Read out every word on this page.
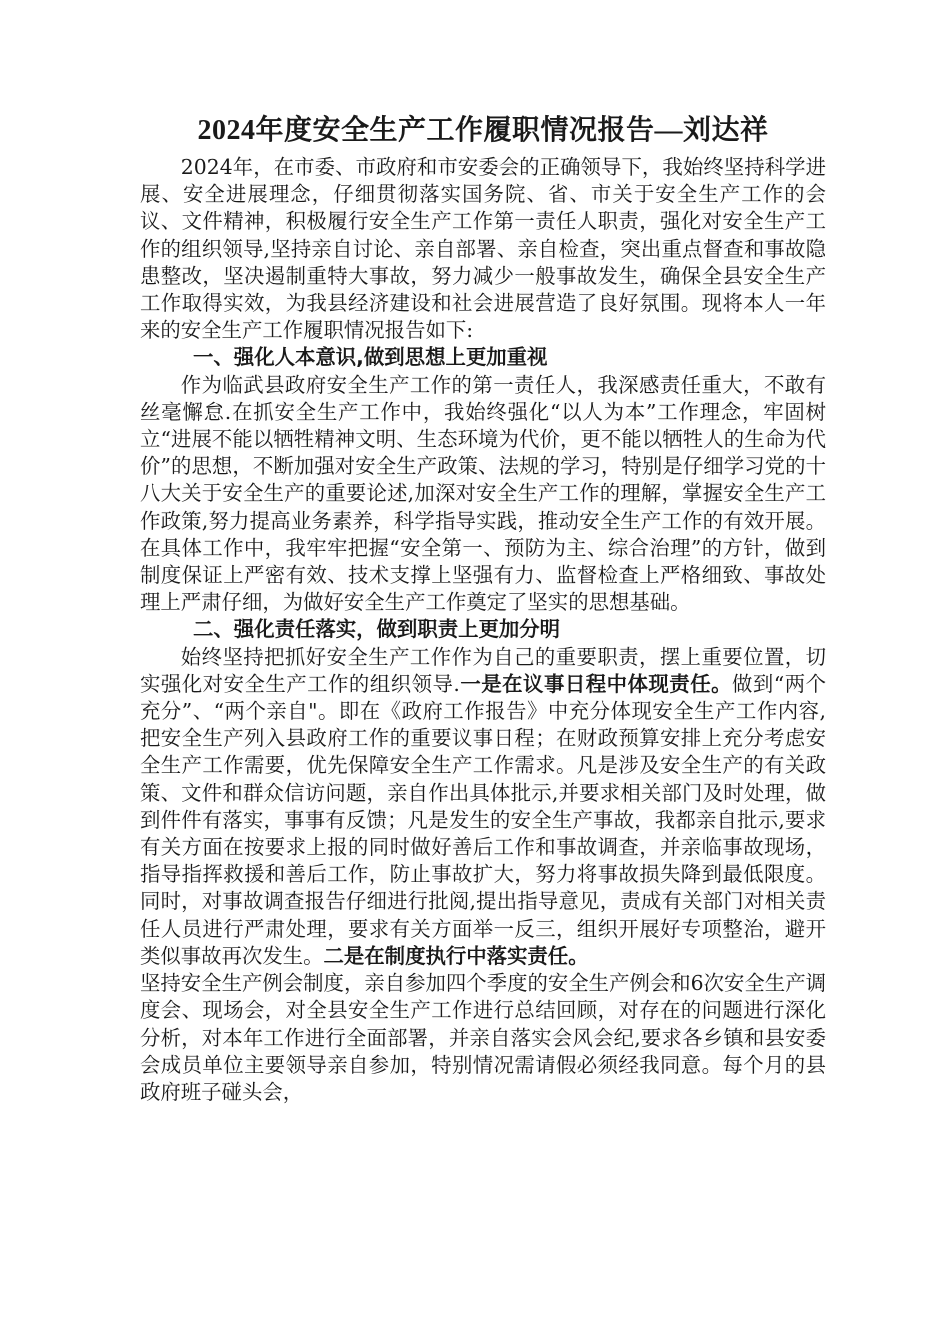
2024年度安全生产工作履职情况报告—刘达祥

2024年，在市委、市政府和市安委会的正确领导下，我始终坚持科学进展、安全进展理念，仔细贯彻落实国务院、省、市关于安全生产工作的会议、文件精神，积极履行安全生产工作第一责任人职责，强化对安全生产工作的组织领导,坚持亲自讨论、亲自部署、亲自检查，突出重点督查和事故隐患整改，坚决遏制重特大事故，努力减少一般事故发生，确保全县安全生产工作取得实效，为我县经济建设和社会进展营造了良好氛围。现将本人一年来的安全生产工作履职情况报告如下:

一、强化人本意识,做到思想上更加重视

作为临武县政府安全生产工作的第一责任人，我深感责任重大，不敢有丝毫懈怠.在抓安全生产工作中，我始终强化“以人为本”工作理念，牢固树立“进展不能以牺牲精神文明、生态环境为代价，更不能以牺牲人的生命为代价”的思想，不断加强对安全生产政策、法规的学习，特别是仔细学习党的十八大关于安全生产的重要论述,加深对安全生产工作的理解，掌握安全生产工作政策,努力提高业务素养，科学指导实践，推动安全生产工作的有效开展。在具体工作中，我牢牢把握“安全第一、预防为主、综合治理”的方针，做到制度保证上严密有效、技术支撑上坚强有力、监督检查上严格细致、事故处理上严肃仔细，为做好安全生产工作奠定了坚实的思想基础。

二、强化责任落实，做到职责上更加分明

始终坚持把抓好安全生产工作作为自己的重要职责，摆上重要位置，切实强化对安全生产工作的组织领导.一是在议事日程中体现责任。做到“两个充分”、“两个亲自"。即在《政府工作报告》中充分体现安全生产工作内容,把安全生产列入县政府工作的重要议事日程；在财政预算安排上充分考虑安全生产工作需要，优先保障安全生产工作需求。凡是涉及安全生产的有关政策、文件和群众信访问题，亲自作出具体批示,并要求相关部门及时处理，做到件件有落实，事事有反馈；凡是发生的安全生产事故，我都亲自批示,要求有关方面在按要求上报的同时做好善后工作和事故调查，并亲临事故现场，指导指挥救援和善后工作，防止事故扩大，努力将事故损失降到最低限度。同时，对事故调查报告仔细进行批阅,提出指导意见，责成有关部门对相关责任人员进行严肃处理，要求有关方面举一反三，组织开展好专项整治，避开类似事故再次发生。二是在制度执行中落实责任。
坚持安全生产例会制度，亲自参加四个季度的安全生产例会和6次安全生产调度会、现场会，对全县安全生产工作进行总结回顾，对存在的问题进行深化分析，对本年工作进行全面部署，并亲自落实会风会纪,要求各乡镇和县安委会成员单位主要领导亲自参加，特别情况需请假必须经我同意。每个月的县政府班子碰头会，
